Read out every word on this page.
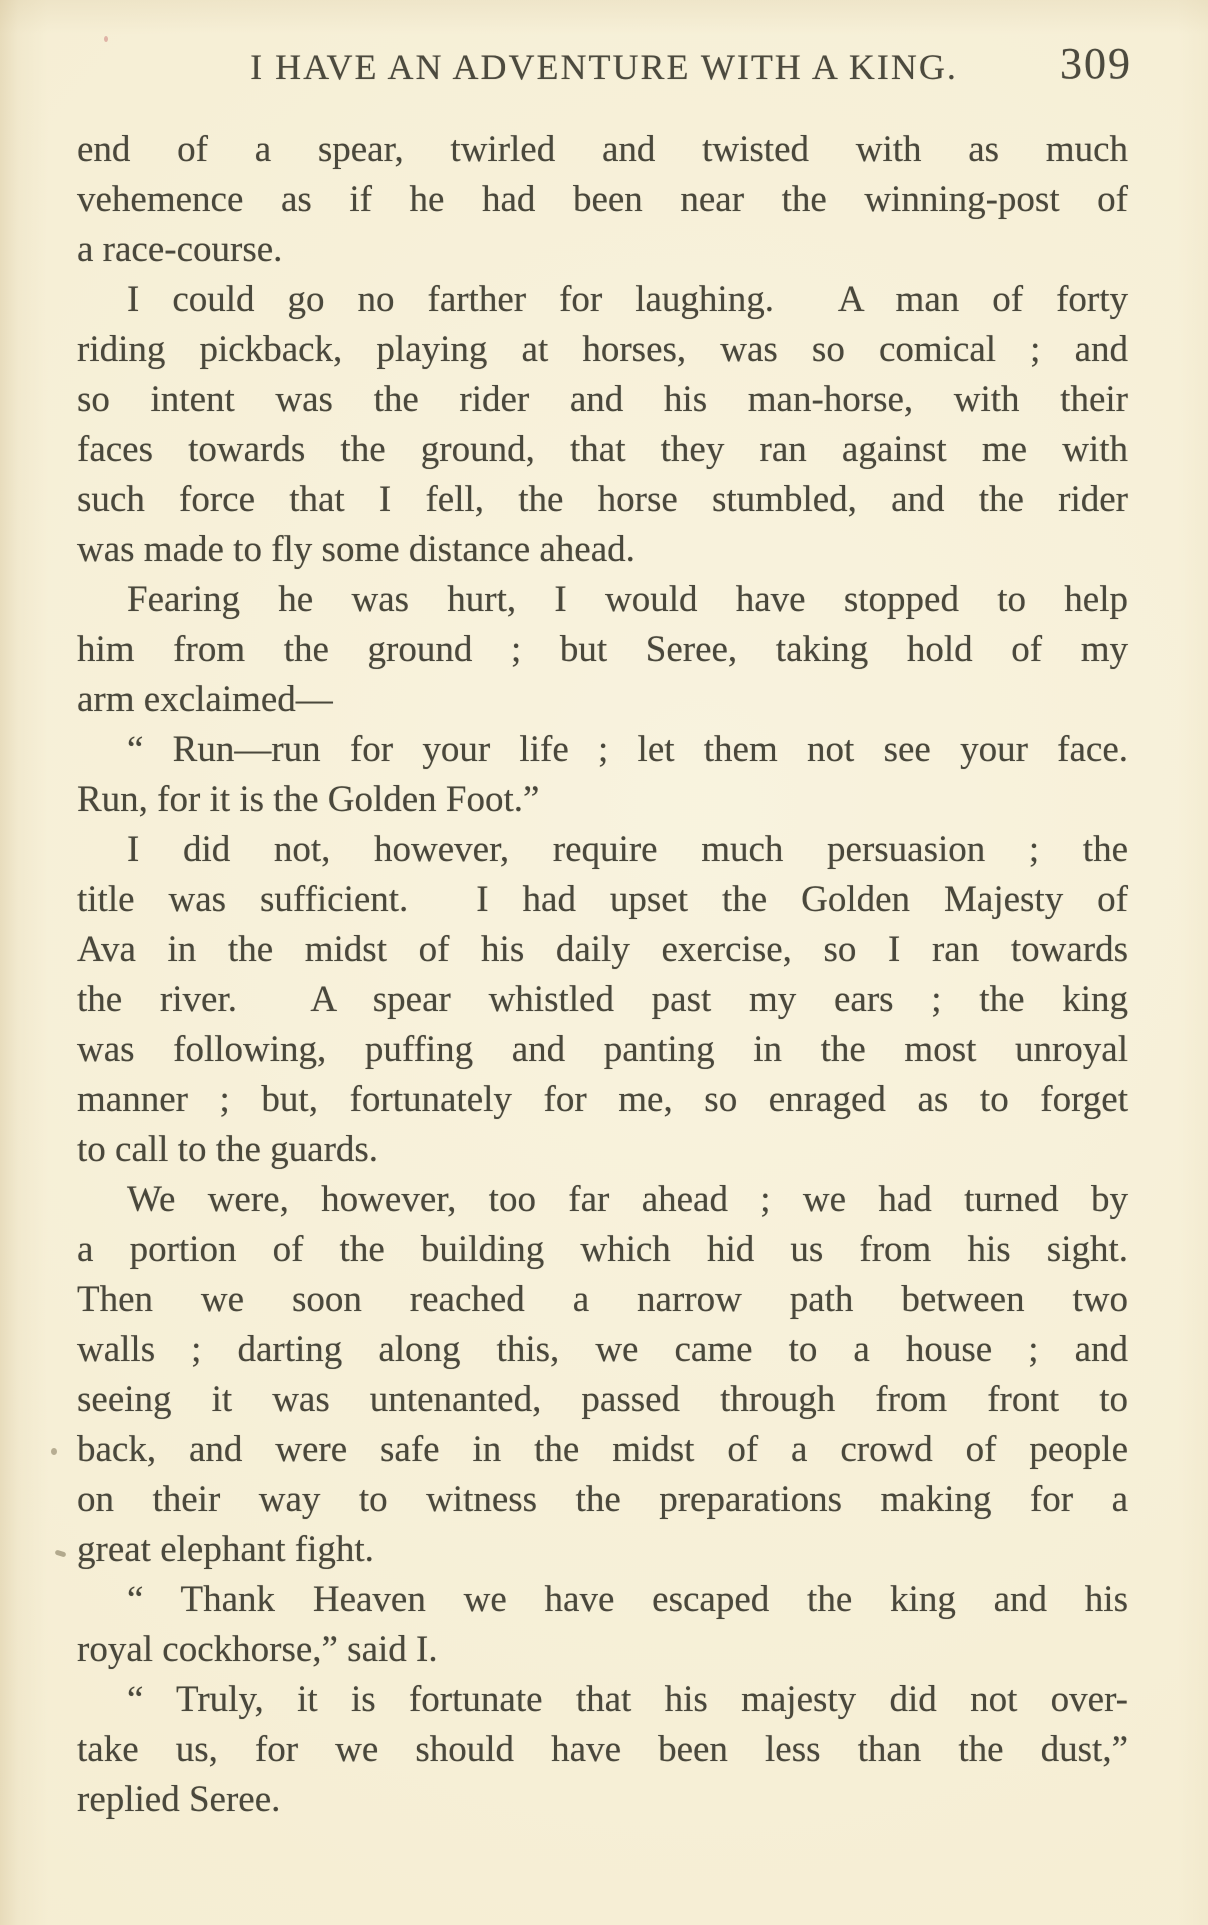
I HAVE AN ADVENTURE WITH A KING.	309
end of a spear, twirled and twisted with as much
vehemence as if he had been near the winning-post of
a race-course.
I could go no farther for laughing.  A man of forty
riding pickback, playing at horses, was so comical ; and
so intent was the rider and his man-horse, with their
faces towards the ground, that they ran against me with
such force that I fell, the horse stumbled, and the rider
was made to fly some distance ahead.
Fearing he was hurt, I would have stopped to help
him from the ground ; but Seree, taking hold of my
arm exclaimed—
“ Run—run for your life ; let them not see your face.
Run, for it is the Golden Foot.”
I did not, however, require much persuasion ; the
title was sufficient.  I had upset the Golden Majesty of
Ava in the midst of his daily exercise, so I ran towards
the river.  A spear whistled past my ears ; the king
was following, puffing and panting in the most unroyal
manner ; but, fortunately for me, so enraged as to forget
to call to the guards.
We were, however, too far ahead ; we had turned by
a portion of the building which hid us from his sight.
Then we soon reached a narrow path between two
walls ; darting along this, we came to a house ; and
seeing it was untenanted, passed through from front to
back, and were safe in the midst of a crowd of people
on their way to witness the preparations making for a
great elephant fight.
“ Thank Heaven we have escaped the king and his
royal cockhorse,” said I.
“ Truly, it is fortunate that his majesty did not over-
take us, for we should have been less than the dust,”
replied Seree.
